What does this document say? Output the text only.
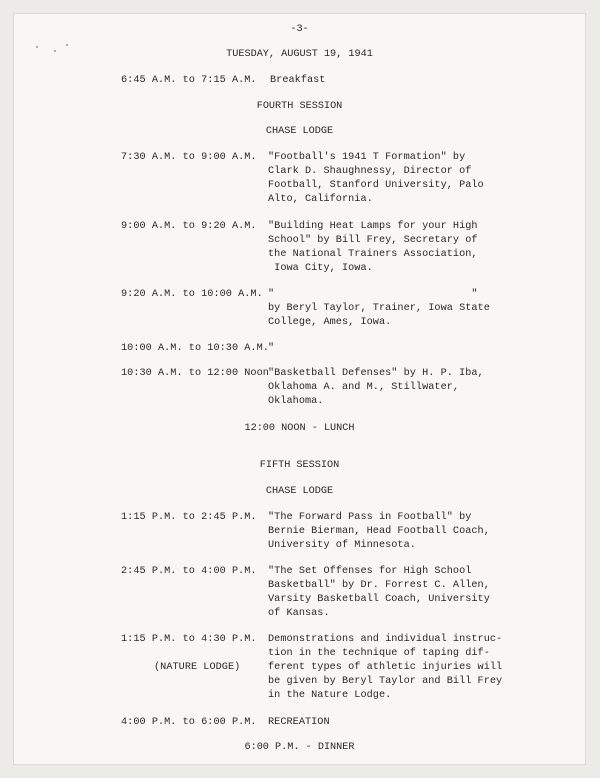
-3-
TUESDAY, AUGUST 19, 1941
6:45 A.M. to 7:15 A.M. Breakfast
FOURTH SESSION
CHASE LODGE
7:30 A.M. to 9:00 A.M. "Football's 1941 T Formation" by
Clark D. Shaughnessy, Director of
Football, Stanford University, Palo
Alto, California.
9:00 A.M. to 9:20 A.M. "Building Heat Lamps for your High
School" by Bill Frey, Secretary of
the National Trainers Association,
Iowa City, Iowa.
9:20 A.M. to 10:00 A.M. "                                "
by Beryl Taylor, Trainer, Iowa State
College, Ames, Iowa.
10:00 A.M. to 10:30 A.M. "
10:30 A.M. to 12:00 Noon "Basketball Defenses" by H. P. Iba,
Oklahoma A. and M., Stillwater,
Oklahoma.
12:00 NOON - LUNCH
FIFTH SESSION
CHASE LODGE
1:15 P.M. to 2:45 P.M. "The Forward Pass in Football" by
Bernie Bierman, Head Football Coach,
University of Minnesota.
2:45 P.M. to 4:00 P.M. "The Set Offenses for High School
Basketball" by Dr. Forrest C. Allen,
Varsity Basketball Coach, University
of Kansas.
1:15 P.M. to 4:30 P.M.
(NATURE LODGE)
Demonstrations and individual instruc-
tion in the technique of taping dif-
ferent types of athletic injuries will
be given by Beryl Taylor and Bill Frey
in the Nature Lodge.
4:00 P.M. to 6:00 P.M. RECREATION
6:00 P.M. - DINNER
